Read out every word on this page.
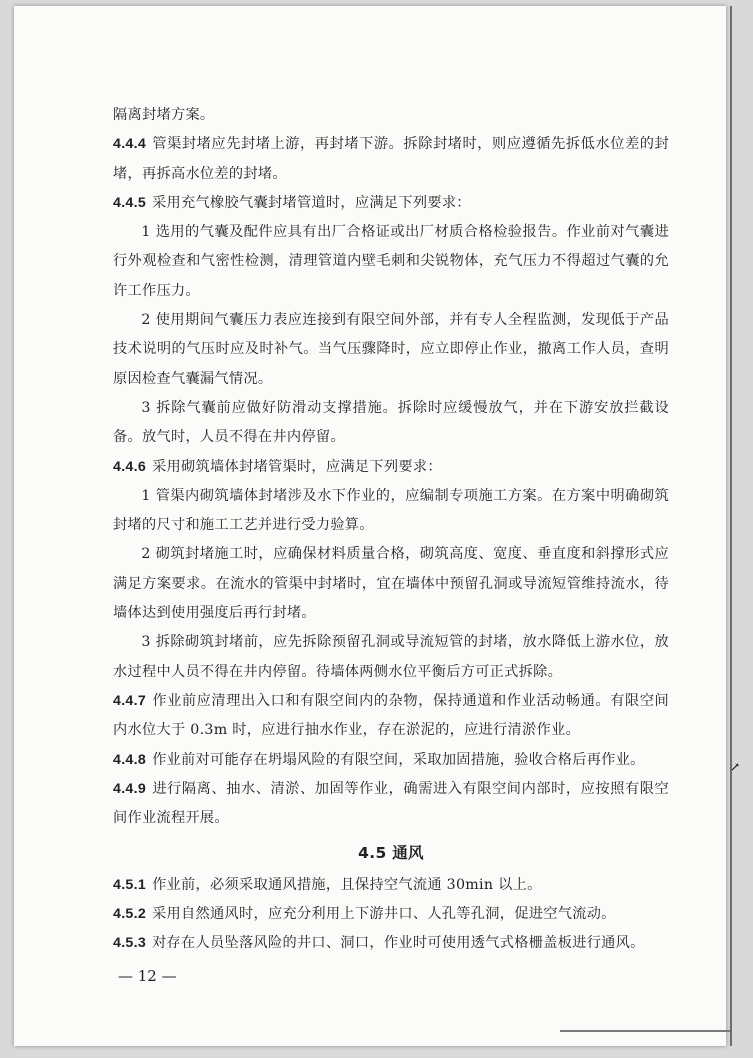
隔离封堵方案。

4.4.4 管渠封堵应先封堵上游，再封堵下游。拆除封堵时，则应遵循先拆低水位差的封堵，再拆高水位差的封堵。

4.4.5 采用充气橡胶气囊封堵管道时，应满足下列要求：

1 选用的气囊及配件应具有出厂合格证或出厂材质合格检验报告。作业前对气囊进行外观检查和气密性检测，清理管道内壁毛刺和尖锐物体，充气压力不得超过气囊的允许工作压力。

2 使用期间气囊压力表应连接到有限空间外部，并有专人全程监测，发现低于产品技术说明的气压时应及时补气。当气压骤降时，应立即停止作业，撤离工作人员，查明原因检查气囊漏气情况。

3 拆除气囊前应做好防滑动支撑措施。拆除时应缓慢放气，并在下游安放拦截设备。放气时，人员不得在井内停留。

4.4.6 采用砌筑墙体封堵管渠时，应满足下列要求：

1 管渠内砌筑墙体封堵涉及水下作业的，应编制专项施工方案。在方案中明确砌筑封堵的尺寸和施工工艺并进行受力验算。

2 砌筑封堵施工时，应确保材料质量合格，砌筑高度、宽度、垂直度和斜撑形式应满足方案要求。在流水的管渠中封堵时，宜在墙体中预留孔洞或导流短管维持流水，待墙体达到使用强度后再行封堵。

3 拆除砌筑封堵前，应先拆除预留孔洞或导流短管的封堵，放水降低上游水位，放水过程中人员不得在井内停留。待墙体两侧水位平衡后方可正式拆除。

4.4.7 作业前应清理出入口和有限空间内的杂物，保持通道和作业活动畅通。有限空间内水位大于 0.3m 时，应进行抽水作业，存在淤泥的，应进行清淤作业。

4.4.8 作业前对可能存在坍塌风险的有限空间，采取加固措施，验收合格后再作业。

4.4.9 进行隔离、抽水、清淤、加固等作业，确需进入有限空间内部时，应按照有限空间作业流程开展。

4.5 通风

4.5.1 作业前，必须采取通风措施，且保持空气流通 30min 以上。

4.5.2 采用自然通风时，应充分利用上下游井口、人孔等孔洞，促进空气流动。

4.5.3 对存在人员坠落风险的井口、洞口，作业时可使用透气式格栅盖板进行通风。

— 12 —
↗
